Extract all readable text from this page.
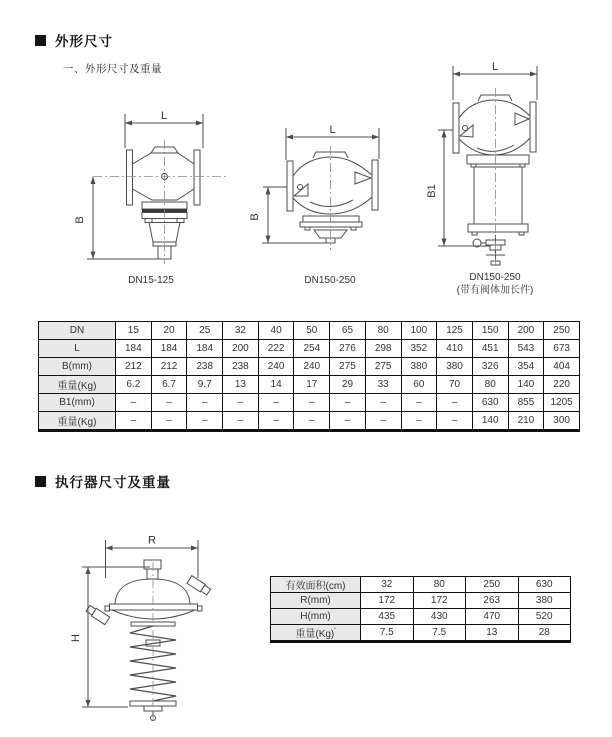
外形尺寸
一、外形尺寸及重量
L
B
DN15-125
L
B
DN150-250
L
B1
DN150-250
(带有阀体加长件)
DN	15	20	25	32	40	50	65	80	100	125	150	200	250
L	184	184	184	200	222	254	276	298	352	410	451	543	673
B(mm)	212	212	238	238	240	240	275	275	380	380	326	354	404
重量(Kg)	6.2	6.7	9.7	13	14	17	29	33	60	70	80	140	220
B1(mm)	–	–	–	–	–	–	–	–	–	–	630	855	1205
重量(Kg)	–	–	–	–	–	–	–	–	–	–	140	210	300
执行器尺寸及重量
R
H
有效面积(cm)	32	80	250	630
R(mm)	172	172	263	380
H(mm)	435	430	470	520
重量(Kg)'	7.5	7.5	13	28
